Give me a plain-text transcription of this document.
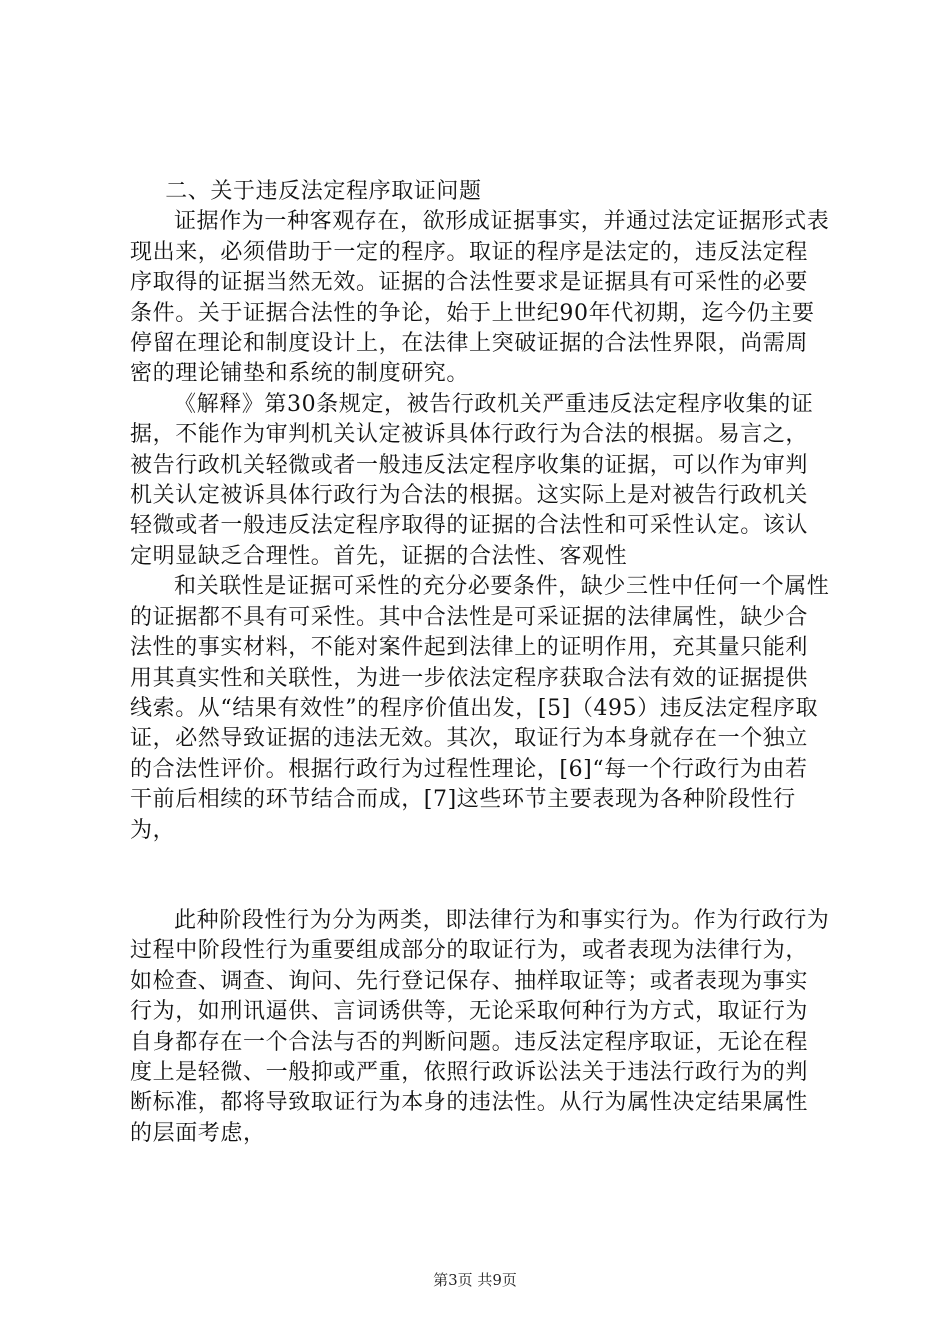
二、关于违反法定程序取证问题

证据作为一种客观存在，欲形成证据事实，并通过法定证据形式表现出来，必须借助于一定的程序。取证的程序是法定的，违反法定程序取得的证据当然无效。证据的合法性要求是证据具有可采性的必要条件。关于证据合法性的争论，始于上世纪90年代初期，迄今仍主要停留在理论和制度设计上，在法律上突破证据的合法性界限，尚需周密的理论铺垫和系统的制度研究。

《解释》第30条规定，被告行政机关严重违反法定程序收集的证据，不能作为审判机关认定被诉具体行政行为合法的根据。易言之，被告行政机关轻微或者一般违反法定程序收集的证据，可以作为审判机关认定被诉具体行政行为合法的根据。这实际上是对被告行政机关轻微或者一般违反法定程序取得的证据的合法性和可采性认定。该认定明显缺乏合理性。首先，证据的合法性、客观性

和关联性是证据可采性的充分必要条件，缺少三性中任何一个属性的证据都不具有可采性。其中合法性是可采证据的法律属性，缺少合法性的事实材料，不能对案件起到法律上的证明作用，充其量只能利用其真实性和关联性，为进一步依法定程序获取合法有效的证据提供线索。从“结果有效性”的程序价值出发，[5]（495）违反法定程序取证，必然导致证据的违法无效。其次，取证行为本身就存在一个独立的合法性评价。根据行政行为过程性理论，[6]“每一个行政行为由若干前后相续的环节结合而成，[7]这些环节主要表现为各种阶段性行为，

此种阶段性行为分为两类，即法律行为和事实行为。作为行政行为过程中阶段性行为重要组成部分的取证行为，或者表现为法律行为，如检查、调查、询问、先行登记保存、抽样取证等；或者表现为事实行为，如刑讯逼供、言词诱供等，无论采取何种行为方式，取证行为自身都存在一个合法与否的判断问题。违反法定程序取证，无论在程度上是轻微、一般抑或严重，依照行政诉讼法关于违法行政行为的判断标准，都将导致取证行为本身的违法性。从行为属性决定结果属性的层面考虑，

第3页 共9页
